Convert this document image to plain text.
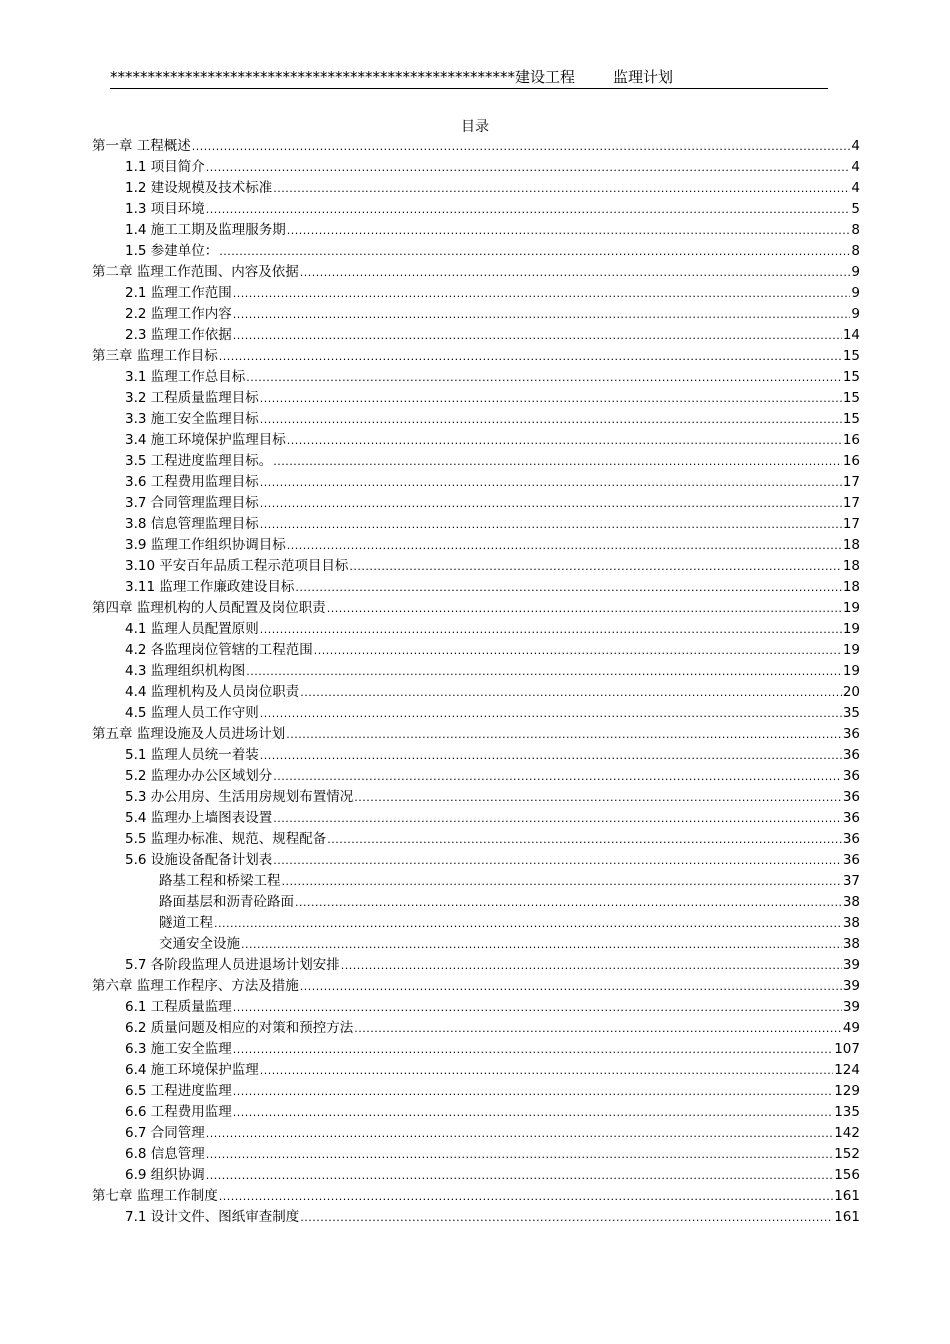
******************************************************建设工程	监理计划
目录
第一章 工程概述 .....	4
1.1 项目简介 .....	4
1.2 建设规模及技术标准 .....	4
1.3 项目环境 .....	5
1.4 施工工期及监理服务期 .....	8
1.5 参建单位： .....	8
第二章 监理工作范围、内容及依据 .....	9
2.1 监理工作范围 .....	9
2.2 监理工作内容 .....	9
2.3 监理工作依据 .....	14
第三章 监理工作目标 .....	15
3.1 监理工作总目标 .....	15
3.2 工程质量监理目标 .....	15
3.3 施工安全监理目标 .....	15
3.4 施工环境保护监理目标 .....	16
3.5 工程进度监理目标。 .....	16
3.6 工程费用监理目标 .....	17
3.7 合同管理监理目标 .....	17
3.8 信息管理监理目标 .....	17
3.9 监理工作组织协调目标 .....	18
3.10 平安百年品质工程示范项目目标 .....	18
3.11 监理工作廉政建设目标 .....	18
第四章 监理机构的人员配置及岗位职责 .....	19
4.1 监理人员配置原则 .....	19
4.2 各监理岗位管辖的工程范围 .....	19
4.3 监理组织机构图 .....	19
4.4 监理机构及人员岗位职责 .....	20
4.5 监理人员工作守则 .....	35
第五章 监理设施及人员进场计划 .....	36
5.1 监理人员统一着装 .....	36
5.2 监理办办公区域划分 .....	36
5.3 办公用房、生活用房规划布置情况 .....	36
5.4 监理办上墙图表设置 .....	36
5.5 监理办标准、规范、规程配备 .....	36
5.6 设施设备配备计划表 .....	36
路基工程和桥梁工程 .....	37
路面基层和沥青砼路面 .....	38
隧道工程 .....	38
交通安全设施 .....	38
5.7 各阶段监理人员进退场计划安排 .....	39
第六章 监理工作程序、方法及措施 .....	39
6.1 工程质量监理 .....	39
6.2 质量问题及相应的对策和预控方法 .....	49
6.3 施工安全监理 .....	107
6.4 施工环境保护监理 .....	124
6.5 工程进度监理 .....	129
6.6 工程费用监理 .....	135
6.7 合同管理 .....	142
6.8 信息管理 .....	152
6.9 组织协调 .....	156
第七章 监理工作制度 .....	161
7.1 设计文件、图纸审查制度 .....	161
